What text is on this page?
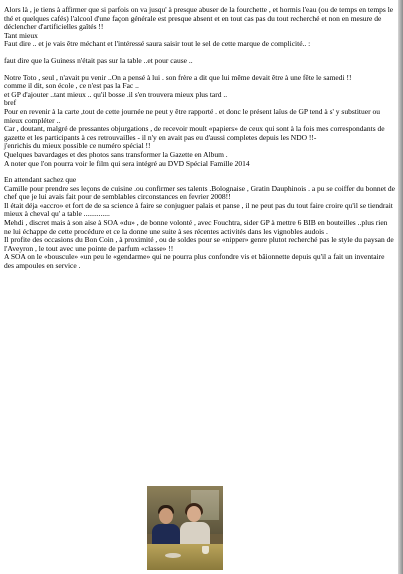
Alors là , je tiens à affirmer que si parfois on va jusqu' à presque abuser de la fourchette , et hormis l'eau (ou de temps en temps le thé et quelques cafés) l'alcool d'une façon générale est presque absent et en tout cas pas du tout recherché et non en mesure de déclencher d'artificielles gaîtés !!

Tant mieux

Faut dire .. et je vais être méchant et l'intéressé saura saisir tout le sel de cette marque de complicité.. :

faut dire que la Guiness n'était pas sur la table ..et pour cause ..

Notre Toto , seul , n'avait pu venir ..On a pensé à lui . son frère a dit que lui même devait être à une fête le samedi !!

comme il dit, son école , ce n'est pas la Fac ..

et GP d'ajouter ..tant mieux .. qu'il bosse .il s'en trouvera mieux plus tard ..

bref

Pour en revenir à la carte ,tout de cette journée ne peut y être rapporté . et donc le présent laïus de GP tend à s' y substituer ou mieux compléter ..

Car , doutant, malgré de pressantes objurgations , de recevoir moult «papiers» de ceux qui sont à la fois mes correspondants de gazette et les participants à ces retrouvailles - il n'y en avait pas eu d'aussi completes depuis les NDO !!-

j'enrichis du mieux possible ce numéro spécial !!

Quelques bavardages et des photos sans transformer la Gazette en Album .

A noter que l'on pourra voir le film qui sera intégré au DVD Spécial Famille 2014

En attendant sachez que

Camille pour prendre ses leçons de cuisine .ou confirmer ses talents .Bolognaise , Gratin Dauphinois . a pu se coiffer du bonnet de chef que je lui avais fait pour de semblables circonstances en fevrier 2008!!

Il était déja «accro» et fort de de sa science à faire se conjuguer palais et panse , il ne peut pas du tout faire croire qu'il se tiendrait mieux à cheval qu' a table ..............

Mehdi , discret mais à son aise à SOA «du» , de bonne volonté , avec Fouchtra, sider GP à mettre 6 BIB en bouteilles ..plus rien ne lui échappe de cette procédure et ce la donne une suite à ses récentes activités dans les vignobles audois .

Il profite des occasions du Bon Coin , à proximité , ou de soldes pour se «nipper» genre plutot recherché pas le style du paysan de l'Aveyron , le tout avec une pointe de parfum «classe» !!

A SOA on le «bouscule» «un peu le «gendarme» qui ne pourra plus confondre vis et bâionnette depuis qu'il a fait un inventaire des ampoules en service .
